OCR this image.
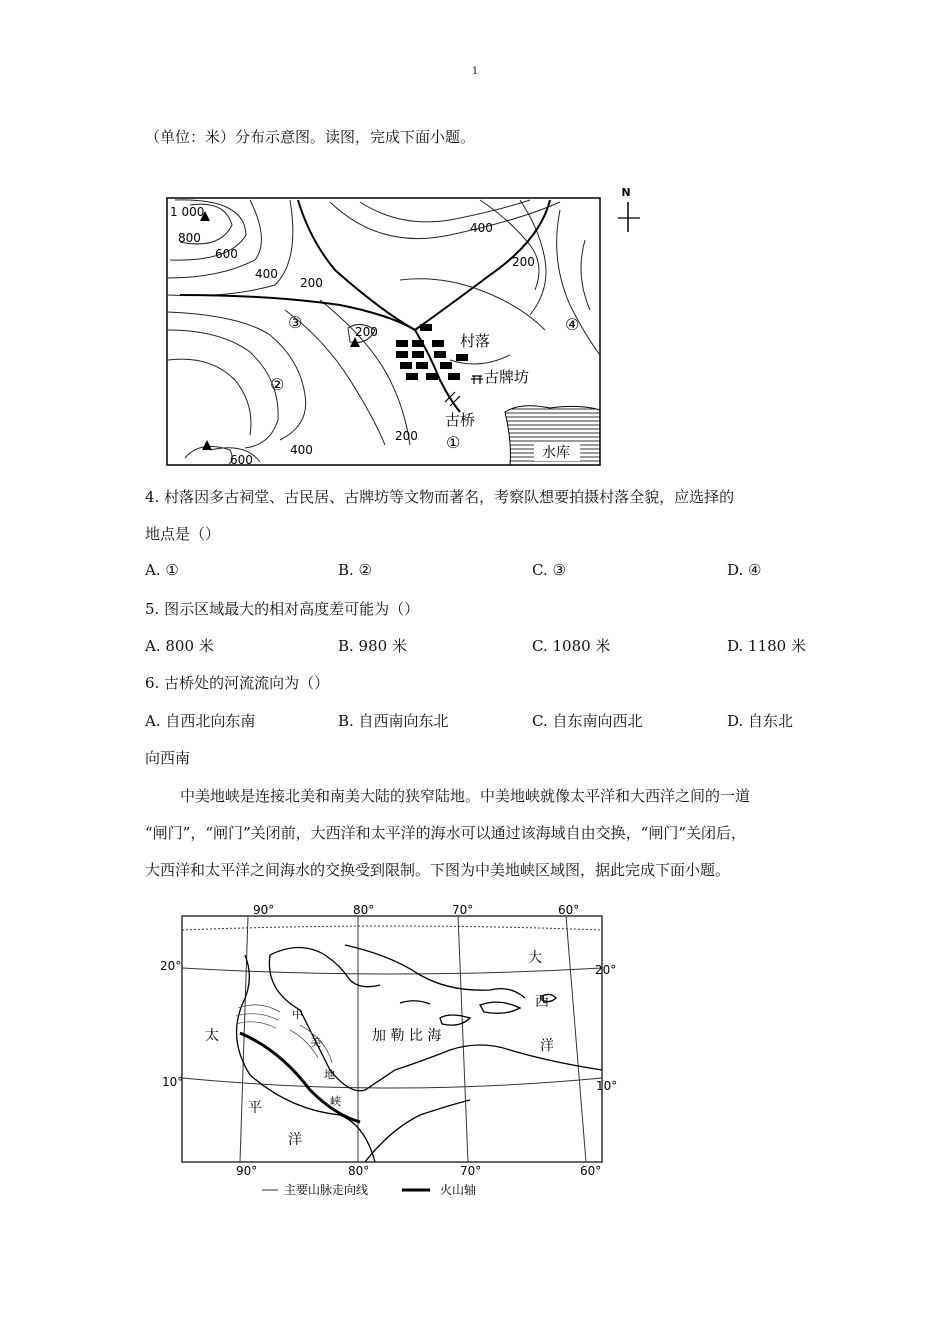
1
（单位：米）分布示意图。读图，完成下面小题。
N
1 000
800
600
400
200
400
200
200
400
200
600
③
②
①
④
村落
古牌坊
古桥
水库
4. 村落因多古祠堂、古民居、古牌坊等文物而著名，考察队想要拍摄村落全貌，应选择的
地点是（）
A. ①	B. ②	C. ③	D. ④
5. 图示区域最大的相对高度差可能为（）
A. 800 米	B. 980 米	C. 1080 米	D. 1180 米
6. 古桥处的河流流向为（）
A. 自西北向东南	B. 自西南向东北	C. 自东南向西北	D. 自东北
向西南
中美地峡是连接北美和南美大陆的狭窄陆地。中美地峡就像太平洋和大西洋之间的一道
“闸门”，“闸门”关闭前，大西洋和太平洋的海水可以通过该海域自由交换，“闸门”关闭后，
大西洋和太平洋之间海水的交换受到限制。下图为中美地峡区域图，据此完成下面小题。
90°	80°	70°	60°
90°	80°	70°	60°
20°	20°
10°	10°
加 勒 比 海
大
西
洋
太
平
洋
中
美
地
峡
主要山脉走向线	火山轴
